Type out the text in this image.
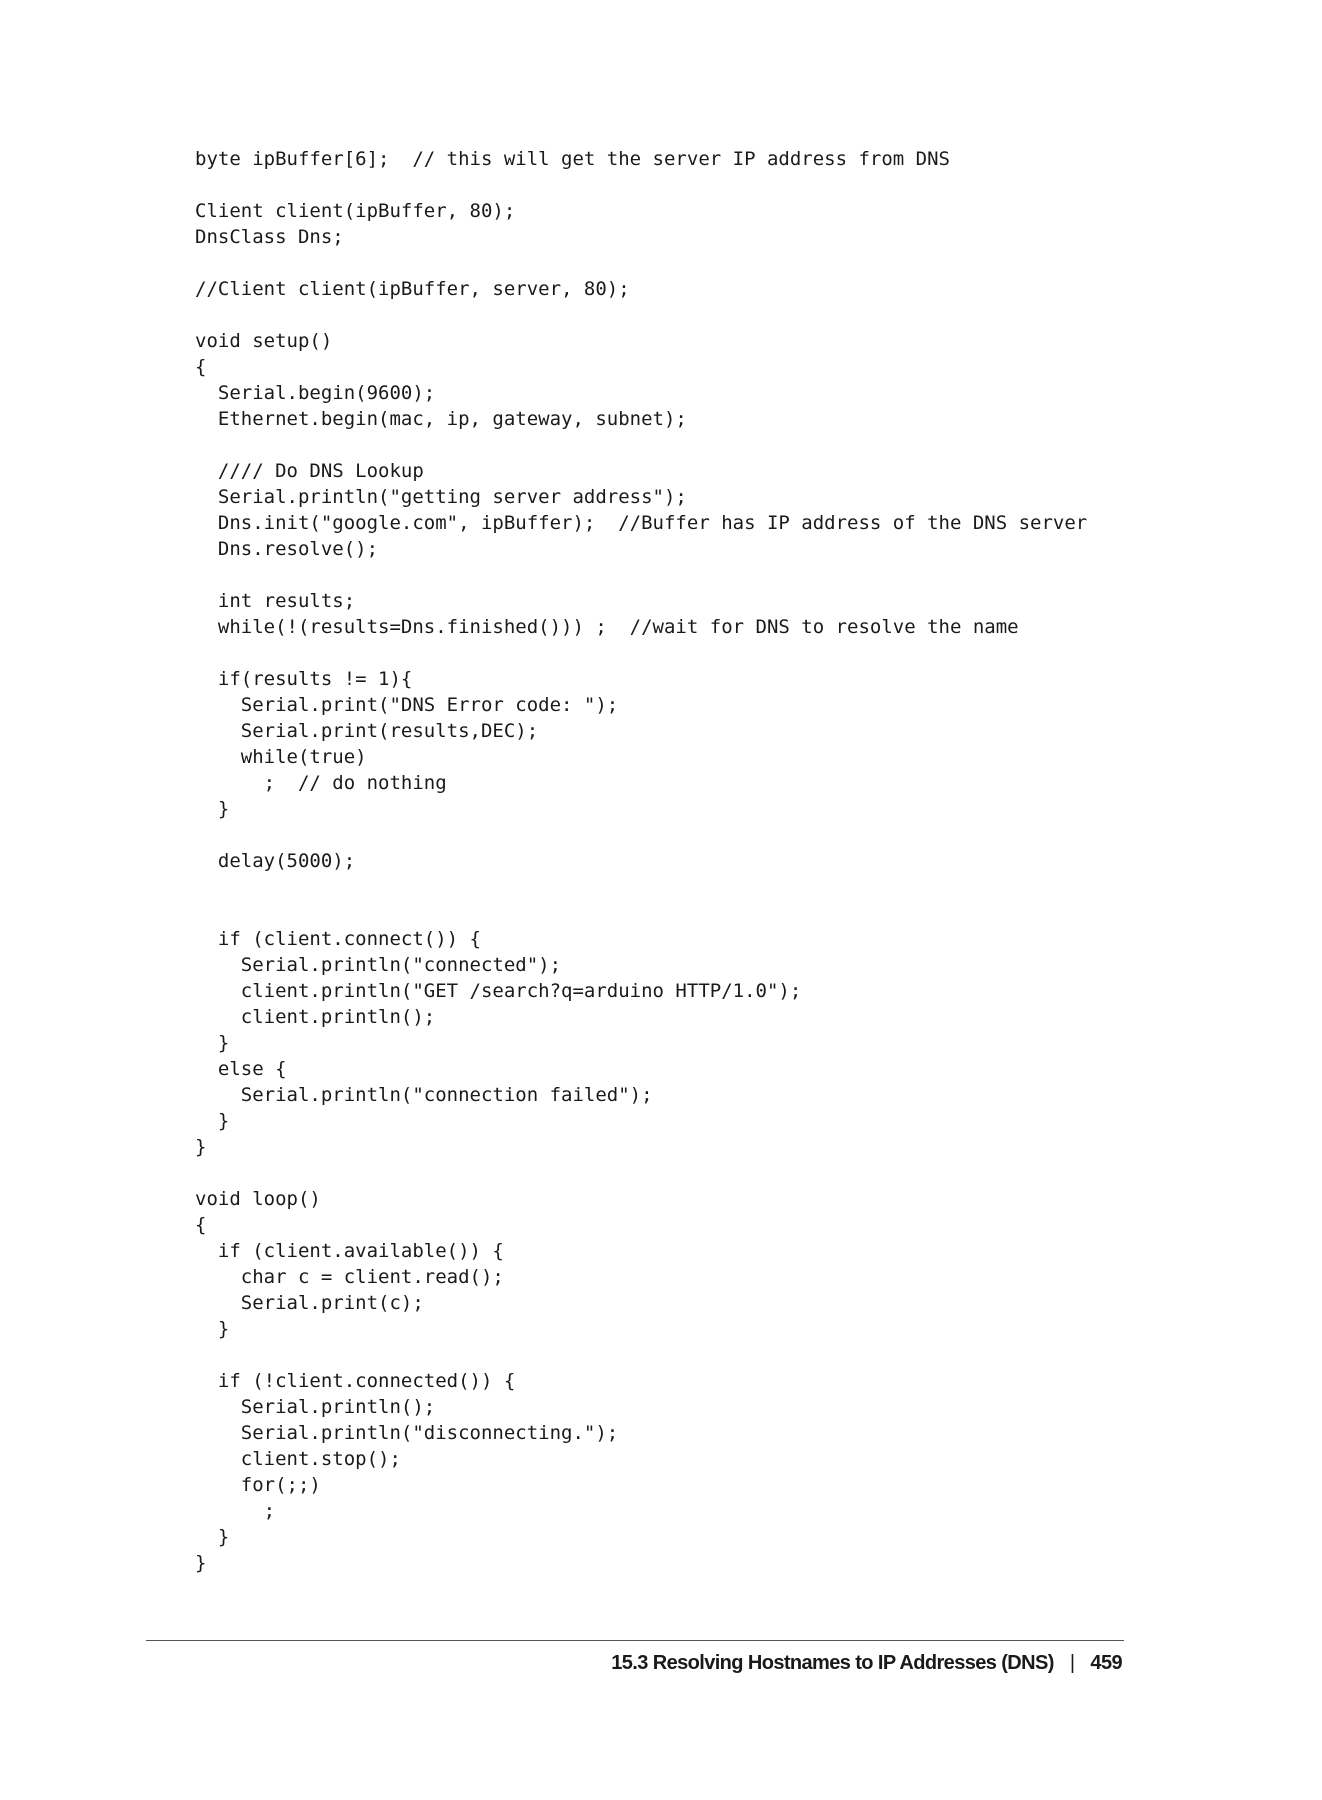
byte ipBuffer[6];  // this will get the server IP address from DNS
Client client(ipBuffer, 80);
DnsClass Dns;
//Client client(ipBuffer, server, 80);
void setup()
{
Serial.begin(9600);
Ethernet.begin(mac, ip, gateway, subnet);
//// Do DNS Lookup
Serial.println("getting server address");
Dns.init("google.com", ipBuffer);  //Buffer has IP address of the DNS server
Dns.resolve();
int results;
while(!(results=Dns.finished())) ;  //wait for DNS to resolve the name
if(results != 1){
Serial.print("DNS Error code: ");
Serial.print(results,DEC);
while(true)
;  // do nothing
}
delay(5000);
if (client.connect()) {
Serial.println("connected");
client.println("GET /search?q=arduino HTTP/1.0");
client.println();
}
else {
Serial.println("connection failed");
}
}
void loop()
{
if (client.available()) {
char c = client.read();
Serial.print(c);
}
if (!client.connected()) {
Serial.println();
Serial.println("disconnecting.");
client.stop();
for(;;)
;
}
}
15.3 Resolving Hostnames to IP Addresses (DNS) | 459
